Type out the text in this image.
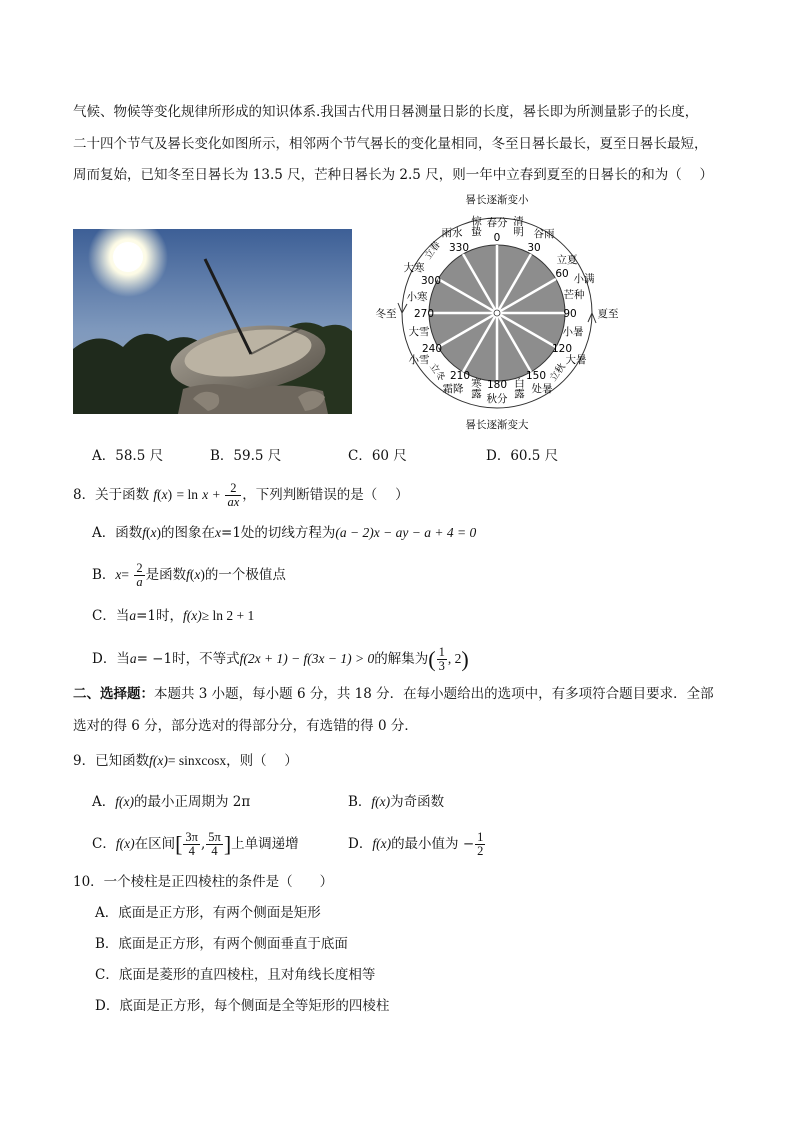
气候、物候等变化规律所形成的知识体系.我国古代用日晷测量日影的长度，晷长即为所测量影子的长度，
二十四个节气及晷长变化如图所示，相邻两个节气晷长的变化量相同，冬至日晷长最长，夏至日晷长最短，
周而复始，已知冬至日晷长为 13.5 尺，芒种日晷长为 2.5 尺，则一年中立春到夏至的日晷长的和为（　 ）
晷长逐渐变小
晷长逐渐变大
0
30
60
90
120
150
180
210
240
270
300
330
春分 清明 谷雨
立夏
小满
芒种
夏至
小暑
大暑
立秋
处暑
白露
秋分
寒露
霜降
立冬
小雪
大雪
冬至
小寒
大寒
立春
雨水 惊蛰
A．58.5 尺	B．59.5 尺	C．60 尺	D．60.5 尺
8．关于函数 $f(x) = \ln x + \frac{2}{ax}$ ，下列判断错误的是（　 ）
A．函数f(x)的图象在x=1处的切线方程为(a − 2)x − ay − a + 4 = 0
B．$x= \frac{2}{a}$ 是函数f(x)的一个极值点
C．当a=1时，f(x)≥ ln 2 + 1
D．当a= −1时，不等式f(2x + 1) − f(3x − 1) > 0的解集为( $\frac{1}{3}$ , 2)
二、选择题：本题共 3 小题，每小题 6 分，共 18 分．在每小题给出的选项中，有多项符合题目要求．全部
选对的得 6 分，部分选对的得部分分，有选错的得 0 分．
9．已知函数f(x)= sinxcosx，则（　 ）
A．f(x)的最小正周期为 2π	B．f(x)为奇函数
C．f(x)在区间[ $\frac{3\pi}{4}$ , $\frac{5\pi}{4}$ ]上单调递增	D．f(x)的最小值为 − $\frac{1}{2}$
10．一个棱柱是正四棱柱的条件是（　　）
A．底面是正方形，有两个侧面是矩形
B．底面是正方形，有两个侧面垂直于底面
C．底面是菱形的直四棱柱，且对角线长度相等
D．底面是正方形，每个侧面是全等矩形的四棱柱
